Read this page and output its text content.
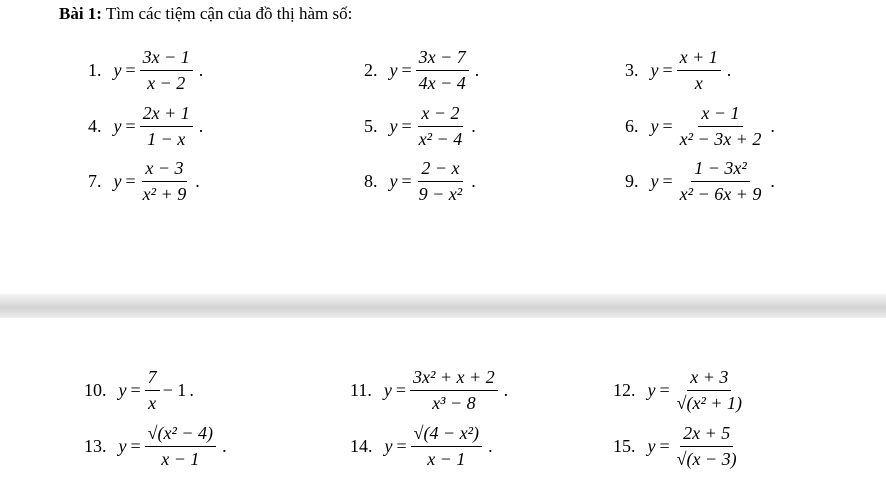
Bài 1: Tìm các tiệm cận của đồ thị hàm số:
1. $y = \frac{3x - 1}{x - 2}$ .	2. $y = \frac{3x - 7}{4x - 4}$ .	3. $y = \frac{x + 1}{x}$ .
4. $y = \frac{2x + 1}{1 - x}$ .	5. $y = \frac{x - 2}{\text{x² − 4}}$ .	6. $y = \frac{x - 1}{\text{x² − 3x + 2}}$ .
7. $y = \frac{x - 3}{\text{x² + 9}}$ .	8. $y = \frac{2 - x}{\text{9 − x²}}$ .	9. $y = \frac{\text{1 − 3x²}}{\text{x² − 6x + 9}}$ .
10. $y = \frac{7}{x} - 1$ .	11. $y = \frac{\text{3x² + x + 2}}{\text{x³ − 8}}$ .	12. $y = \frac{x + 3}{\text{√(x² + 1)}}$
13. $y = \frac{\text{√(x² − 4)}}{x - 1}$ .	14. $y = \frac{\text{√(4 − x²)}}{x - 1}$ .	15. $y = \frac{2x + 5}{√(x - 3)}$
